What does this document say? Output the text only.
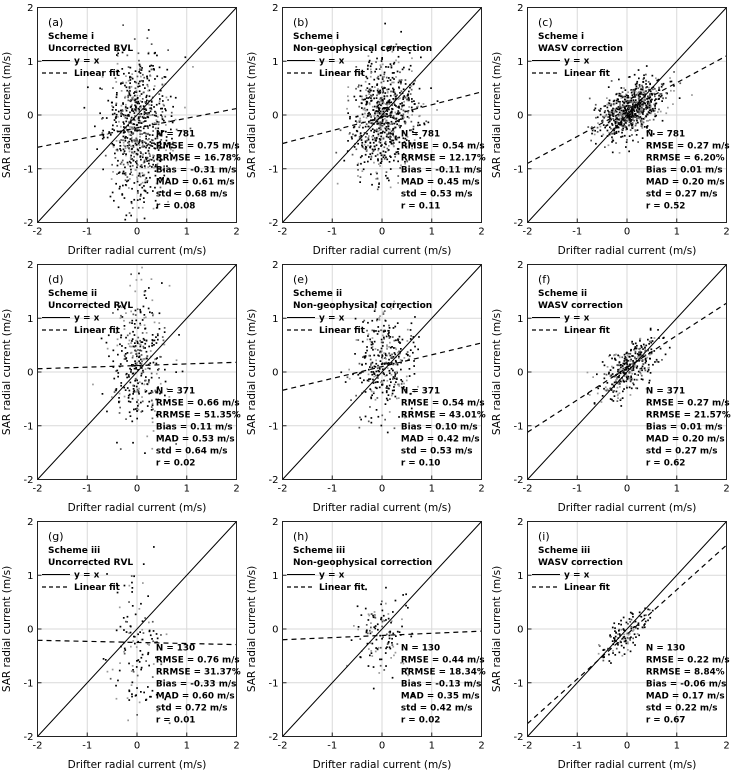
-2	-1	0	1	2
-2
-1
0
1
2
Drifter radial current (m/s)
SAR radial current (m/s)
(a)
Scheme i
Uncorrected RVL
y = x
Linear fit
N = 781
RMSE = 0.75 m/s
RRMSE = 16.78%
Bias = -0.31 m/s
MAD = 0.61 m/s
std = 0.68 m/s
r = 0.08
-2	-1	0	1	2
-2
-1
0
1
2
Drifter radial current (m/s)
SAR radial current (m/s)
(b)
Scheme i
Non-geophysical correction
y = x
Linear fit
N = 781
RMSE = 0.54 m/s
RRMSE = 12.17%
Bias = -0.11 m/s
MAD = 0.45 m/s
std = 0.53 m/s
r = 0.11
-2	-1	0	1	2
-2
-1
0
1
2
Drifter radial current (m/s)
SAR radial current (m/s)
(c)
Scheme i
WASV correction
y = x
Linear fit
N = 781
RMSE = 0.27 m/s
RRMSE = 6.20%
Bias = 0.01 m/s
MAD = 0.20 m/s
std = 0.27 m/s
r = 0.52
-2	-1	0	1	2
-2
-1
0
1
2
Drifter radial current (m/s)
SAR radial current (m/s)
(d)
Scheme ii
Uncorrected RVL
y = x
Linear fit
N = 371
RMSE = 0.66 m/s
RRMSE = 51.35%
Bias = 0.11 m/s
MAD = 0.53 m/s
std = 0.64 m/s
r = 0.02
-2	-1	0	1	2
-2
-1
0
1
2
Drifter radial current (m/s)
SAR radial current (m/s)
(e)
Scheme ii
Non-geophysical correction
y = x
Linear fit
N = 371
RMSE = 0.54 m/s
RRMSE = 43.01%
Bias = 0.10 m/s
MAD = 0.42 m/s
std = 0.53 m/s
r = 0.10
-2	-1	0	1	2
-2
-1
0
1
2
Drifter radial current (m/s)
SAR radial current (m/s)
(f)
Scheme ii
WASV correction
y = x
Linear fit
N = 371
RMSE = 0.27 m/s
RRMSE = 21.57%
Bias = 0.01 m/s
MAD = 0.20 m/s
std = 0.27 m/s
r = 0.62
-2	-1	0	1	2
-2
-1
0
1
2
Drifter radial current (m/s)
SAR radial current (m/s)
(g)
Scheme iii
Uncorrected RVL
y = x
Linear fit
N = 130
RMSE = 0.76 m/s
RRMSE = 31.37%
Bias = -0.33 m/s
MAD = 0.60 m/s
std = 0.72 m/s
r = 0.01
-2	-1	0	1	2
-2
-1
0
1
2
Drifter radial current (m/s)
SAR radial current (m/s)
(h)
Scheme iii
Non-geophysical correction
y = x
Linear fit
N = 130
RMSE = 0.44 m/s
RRMSE = 18.34%
Bias = -0.13 m/s
MAD = 0.35 m/s
std = 0.42 m/s
r = 0.02
-2	-1	0	1	2
-2
-1
0
1
2
Drifter radial current (m/s)
SAR radial current (m/s)
(i)
Scheme iii
WASV correction
y = x
Linear fit
N = 130
RMSE = 0.22 m/s
RRMSE = 8.84%
Bias = -0.06 m/s
MAD = 0.17 m/s
std = 0.22 m/s
r = 0.67
